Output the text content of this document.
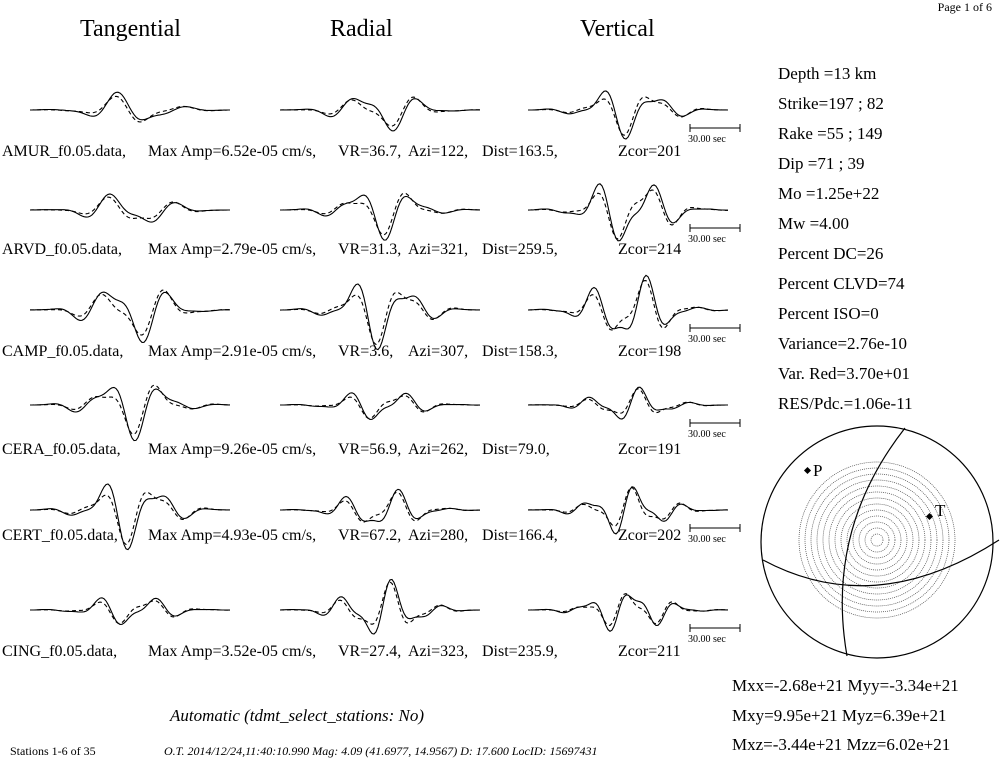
Page 1 of 6
Tangential	Radial	Vertical
30.00 sec
30.00 sec
30.00 sec
30.00 sec
30.00 sec
30.00 sec
AMUR_f0.05.data, Max Amp=6.52e-05 cm/s, VR=36.7, Azi=122, Dist=163.5,	Zcor=201
ARVD_f0.05.data, Max Amp=2.79e-05 cm/s, VR=31.3, Azi=321, Dist=259.5,	Zcor=214
CAMP_f0.05.data, Max Amp=2.91e-05 cm/s, VR=3.6, Azi=307, Dist=158.3,	Zcor=198
CERA_f0.05.data, Max Amp=9.26e-05 cm/s, VR=56.9, Azi=262, Dist=79.0,	Zcor=191
CERT_f0.05.data, Max Amp=4.93e-05 cm/s, VR=67.2, Azi=280, Dist=166.4,	Zcor=202
CING_f0.05.data, Max Amp=3.52e-05 cm/s, VR=27.4, Azi=323, Dist=235.9,	Zcor=211
Depth =13 km
Strike=197 ; 82
Rake =55 ; 149
Dip =71 ; 39
Mo =1.25e+22
Mw =4.00
Percent DC=26
Percent CLVD=74
Percent ISO=0
Variance=2.76e-10
Var. Red=3.70e+01
RES/Pdc.=1.06e-11
P
T
Mxx=-2.68e+21 Myy=-3.34e+21
Mxy=9.95e+21 Myz=6.39e+21
Mxz=-3.44e+21 Mzz=6.02e+21
Automatic (tdmt_select_stations: No)
Stations 1-6 of 35	O.T. 2014/12/24,11:40:10.990 Mag: 4.09 (41.6977, 14.9567) D: 17.600 LocID: 15697431
